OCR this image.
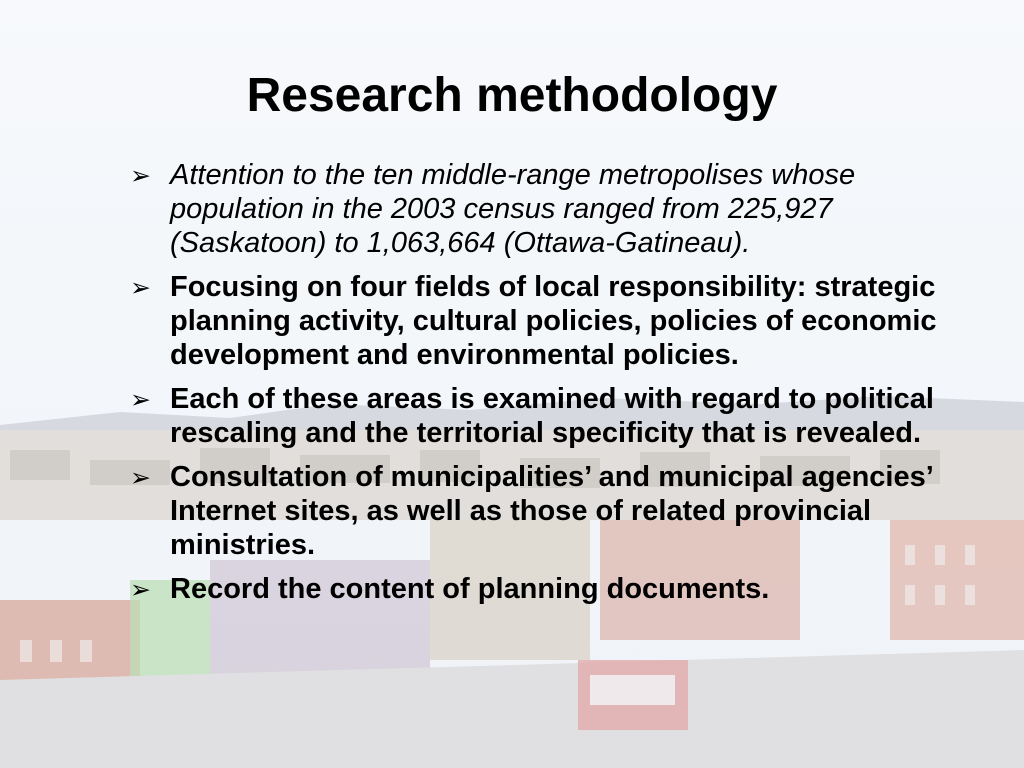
Research methodology
➢ Attention to the ten middle-range metropolises whose population in the 2003 census ranged from 225,927 (Saskatoon) to 1,063,664 (Ottawa-Gatineau).
➢ Focusing on four fields of local responsibility: strategic planning activity, cultural policies, policies of economic development and environmental policies.
➢ Each of these areas is examined with regard to political rescaling and the territorial specificity that is revealed.
➢ Consultation of municipalities’ and municipal agencies’ Internet sites, as well as those of related provincial ministries.
➢ Record the content of planning documents.
